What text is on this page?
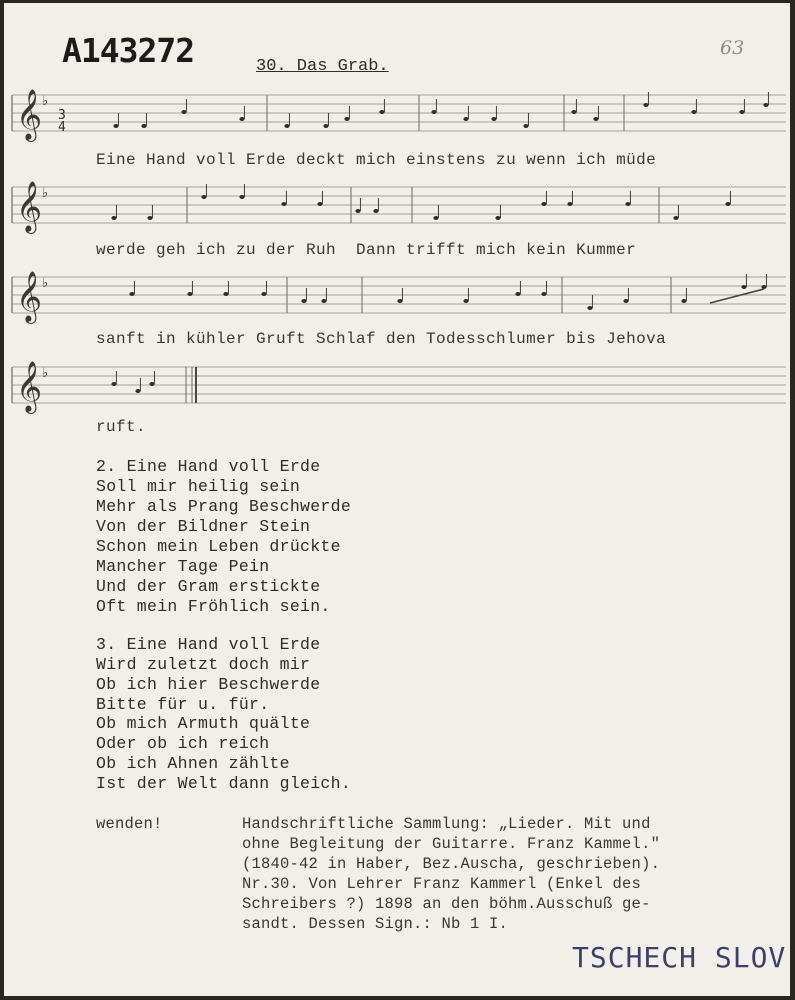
A143272	63
30. Das Grab.
𝄞 ♭
𝄞 ♭
𝄞 ♭
𝄞 ♭
3
4
Eine Hand voll Erde deckt mich einstens zu wenn ich müde
werde geh ich zu der Ruh  Dann trifft mich kein Kummer
sanft in kühler Gruft Schlaf den Todesschlumer bis Jehova
ruft.
2. Eine Hand voll Erde
Soll mir heilig sein
Mehr als Prang Beschwerde
Von der Bildner Stein
Schon mein Leben drückte
Mancher Tage Pein
Und der Gram erstickte
Oft mein Fröhlich sein.
3. Eine Hand voll Erde
Wird zuletzt doch mir
Ob ich hier Beschwerde
Bitte für u. für.
Ob mich Armuth quälte
Oder ob ich reich
Ob ich Ahnen zählte
Ist der Welt dann gleich.
wenden!	Handschriftliche Sammlung: „Lieder. Mit und
ohne Begleitung der Guitarre. Franz Kammel."
(1840-42 in Haber, Bez.Auscha, geschrieben).
Nr.30. Von Lehrer Franz Kammerl (Enkel des
Schreibers ?) 1898 an den böhm.Ausschuß ge-
sandt. Dessen Sign.: Nb 1 I.
TSCHECH SLOV
